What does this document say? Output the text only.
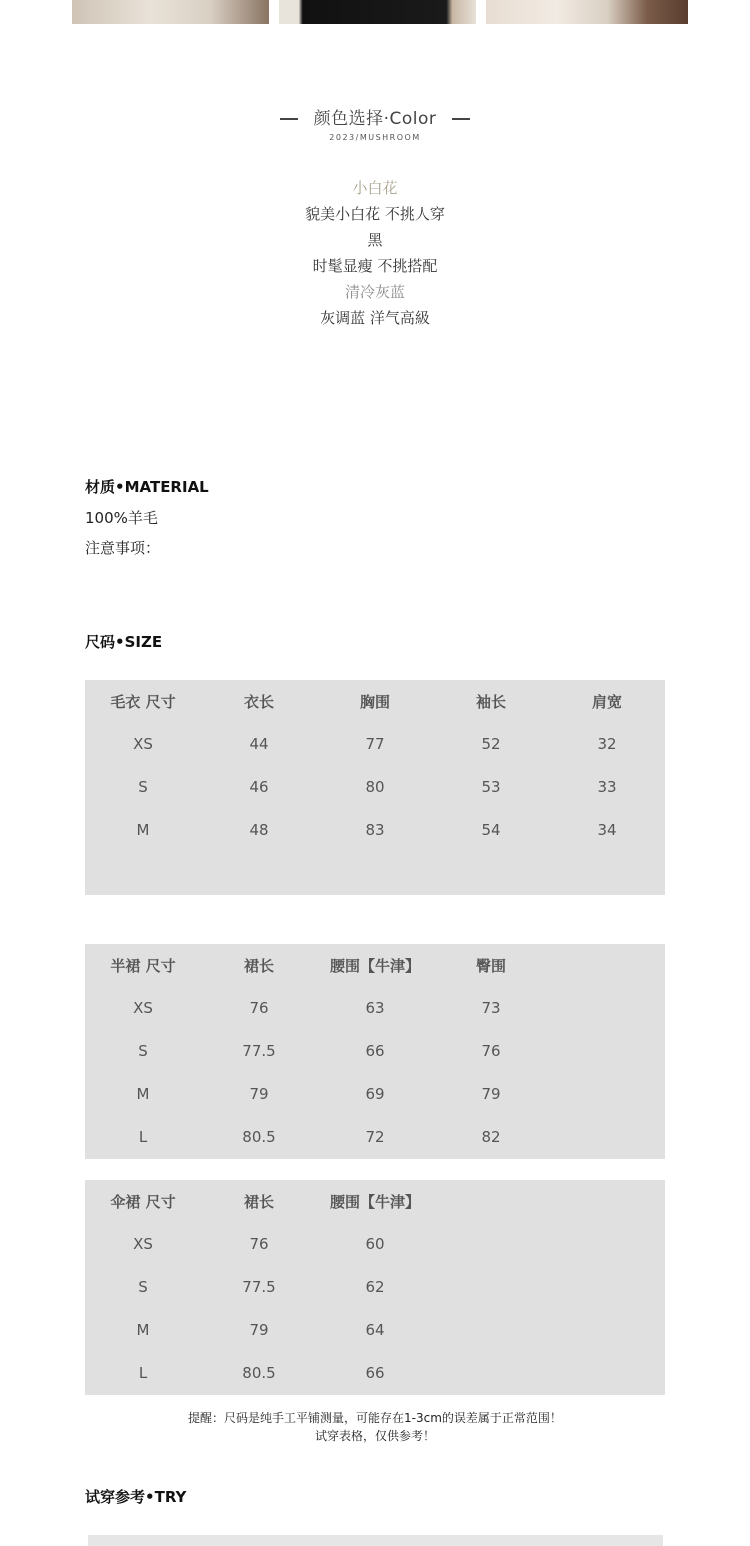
颜色选择·Color
2023/MUSHROOM
小白花
貌美小白花 不挑人穿
黑
时髦显瘦 不挑搭配
清冷灰蓝
灰调蓝 洋气高級
材质•MATERIAL
100%羊毛
注意事项：
尺码•SIZE
毛衣 尺寸	衣长	胸围	袖长	肩宽
XS	44	77	52	32
S	46	80	53	33
M	48	83	54	34
半裙 尺寸	裙长	腰围【牛津】	臀围
XS	76	63	73
S	77.5	66	76
M	79	69	79
L	80.5	72	82
伞裙 尺寸	裙长	腰围【牛津】
XS	76	60
S	77.5	62
M	79	64
L	80.5	66
提醒：尺码是纯手工平铺测量，可能存在1-3cm的误差属于正常范围！
试穿表格，仅供参考！
试穿参考•TRY
